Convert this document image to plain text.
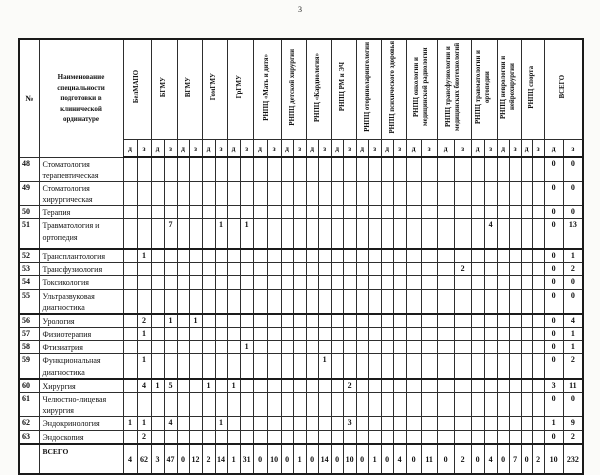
3
№	Наименование специальности подготовки в клинической ординатуре	БелМАПО		БГМУ		ВГМУ		ГомГМУ		ГрГМУ		РНПЦ «Мать и дитя»		РНПЦ детской хирургии		РНПЦ «Кардиология»		РНПЦ РМ и ЭЧ		РНПЦ оториноларингологии		РНПЦ психического здоровья		РНПЦ онкологии и медицинской радиологии		РНПЦ трансфузиологии и медицинских биотехнологий		РНПЦ травматологии и ортопедии		РНПЦ неврологии и нейрохирургии		РНПЦ спорта		ВСЕГО	
		д	з	д	з	д	з	д	з	д	з	д	з	д	з	д	з	д	з	д	з	д	з	д	з	д	з	д	з	д	з	д	з	д	з
48	Стоматология терапевтическая																																	0	0
49	Стоматология хирургическая																																	0	0
50	Терапия																																	0	0
51	Травматология и ортопедия				7				1		1																		4					0	13
52	Трансплантология		1																															0	1
53	Трансфузиология																										2							0	2
54	Токсикология																																	0	0
55	Ультразвуковая диагностика																																	0	0
56	Урология		2		1		1																											0	4
57	Физиотерапия		1																															0	1
58	Фтизиатрия										1																							0	1
59	Функциональная диагностика		1														1																	0	2
60	Хирургия		4	1	5			1		1									2															3	11
61	Челюстно-лицевая хирургия																																	0	0
62	Эндокринология	1	1		4				1										3															1	9
63	Эндоскопия		2																															0	2
	ВСЕГО	4	62	3	47	0	12	2	14	1	31	0	10	0	1	0	14	0	10	0	1	0	4	0	11	0	2	0	4	0	7	0	2	10	232
